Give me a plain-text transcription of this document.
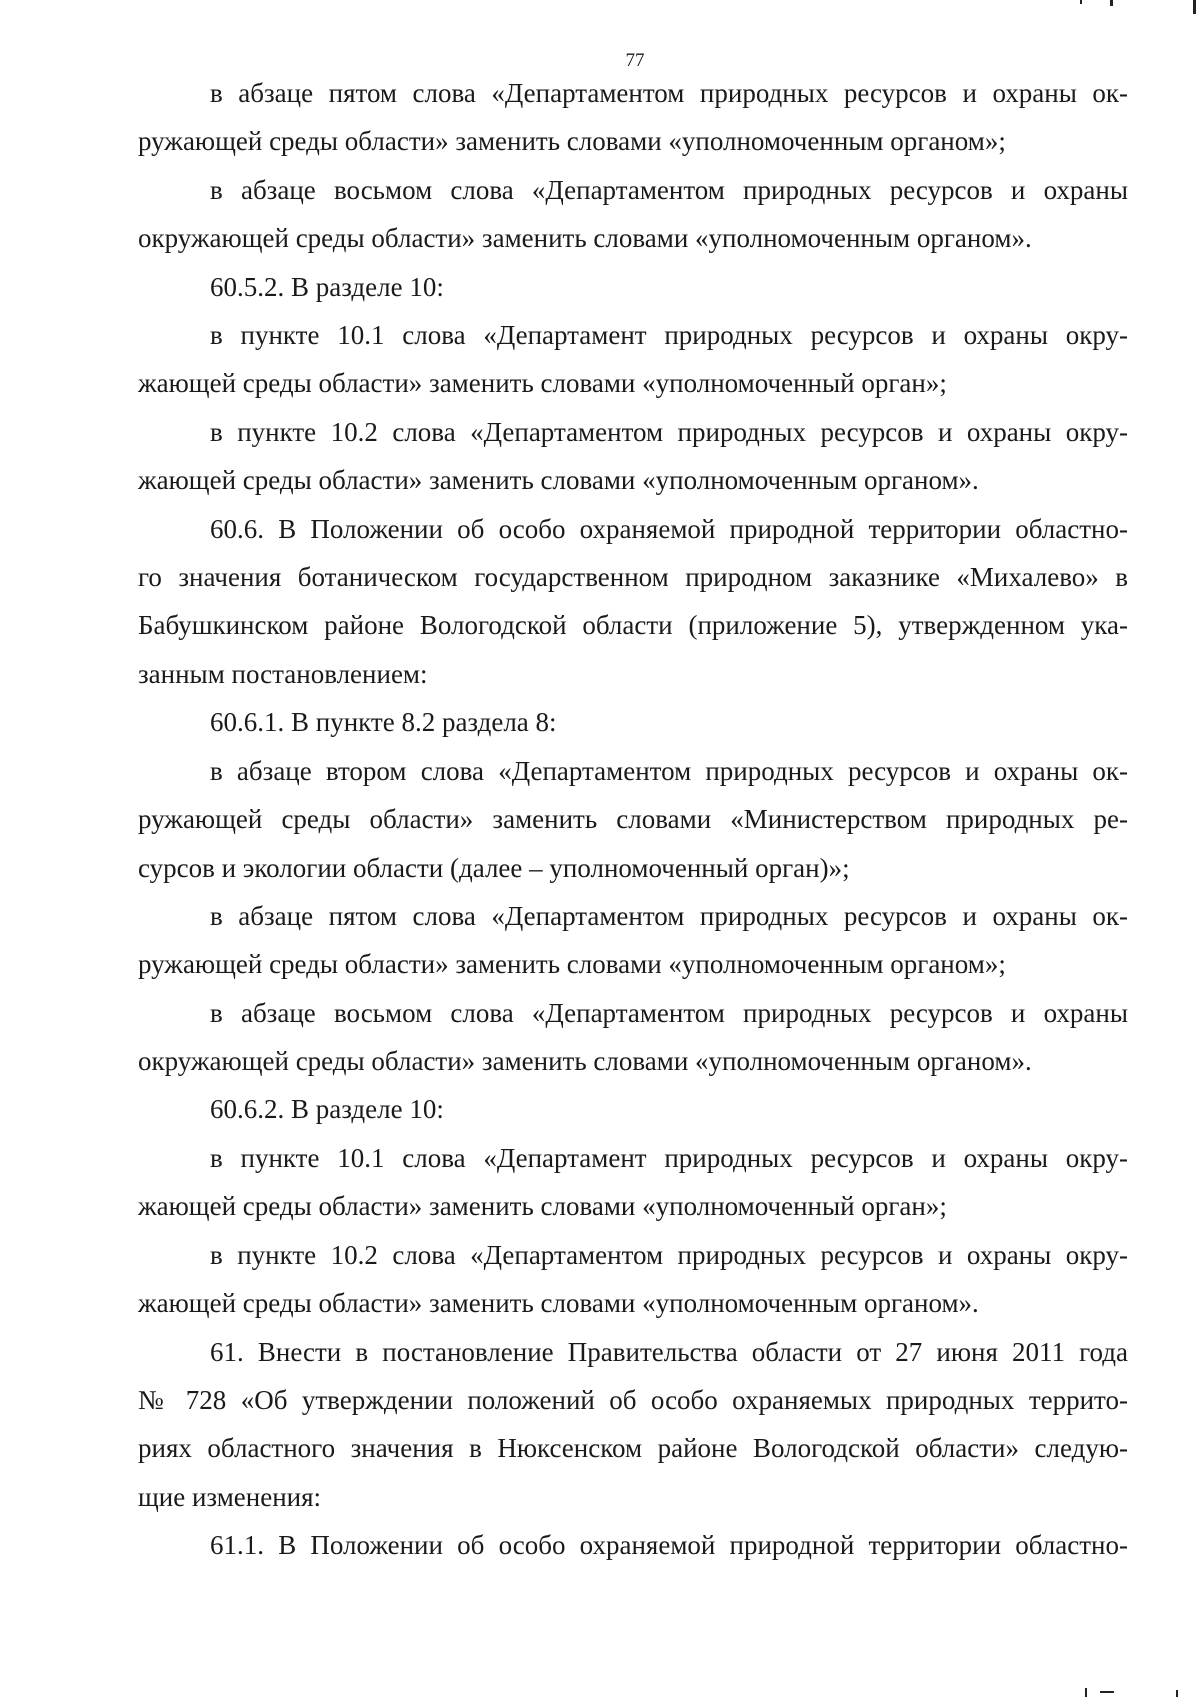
77
в абзаце пятом слова «Департаментом природных ресурсов и охраны ок-
ружающей среды области» заменить словами «уполномоченным органом»;
в абзаце восьмом слова «Департаментом природных ресурсов и охраны
окружающей среды области» заменить словами «уполномоченным органом».
60.5.2. В разделе 10:
в пункте 10.1 слова «Департамент природных ресурсов и охраны окру-
жающей среды области» заменить словами «уполномоченный орган»;
в пункте 10.2 слова «Департаментом природных ресурсов и охраны окру-
жающей среды области» заменить словами «уполномоченным органом».
60.6. В Положении об особо охраняемой природной территории областно-
го значения ботаническом государственном природном заказнике «Михалево» в
Бабушкинском районе Вологодской области (приложение 5), утвержденном ука-
занным постановлением:
60.6.1. В пункте 8.2 раздела 8:
в абзаце втором слова «Департаментом природных ресурсов и охраны ок-
ружающей среды области» заменить словами «Министерством природных ре-
сурсов и экологии области (далее – уполномоченный орган)»;
в абзаце пятом слова «Департаментом природных ресурсов и охраны ок-
ружающей среды области» заменить словами «уполномоченным органом»;
в абзаце восьмом слова «Департаментом природных ресурсов и охраны
окружающей среды области» заменить словами «уполномоченным органом».
60.6.2. В разделе 10:
в пункте 10.1 слова «Департамент природных ресурсов и охраны окру-
жающей среды области» заменить словами «уполномоченный орган»;
в пункте 10.2 слова «Департаментом природных ресурсов и охраны окру-
жающей среды области» заменить словами «уполномоченным органом».
61. Внести в постановление Правительства области от 27 июня 2011 года
№ 728 «Об утверждении положений об особо охраняемых природных террито-
риях областного значения в Нюксенском районе Вологодской области» следую-
щие изменения:
61.1. В Положении об особо охраняемой природной территории областно-
